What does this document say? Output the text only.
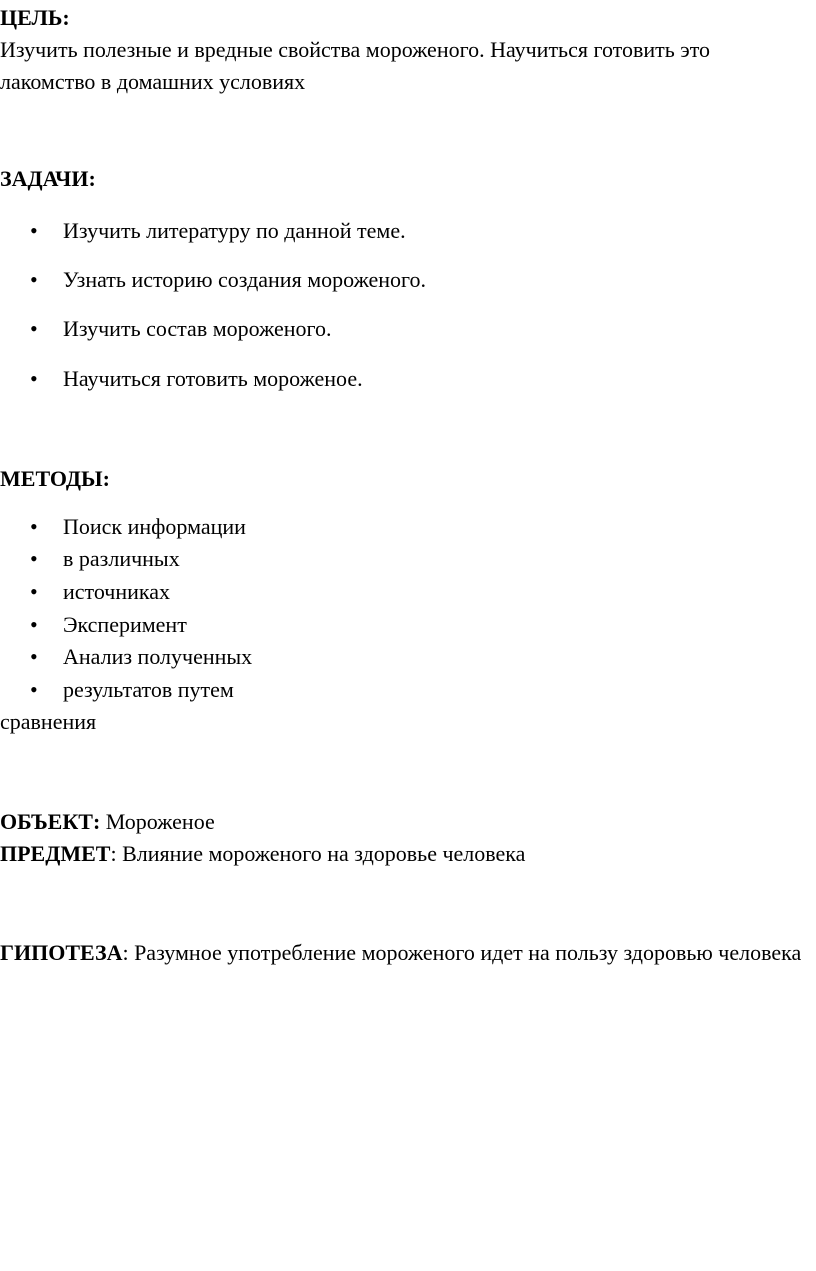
ЦЕЛЬ:
Изучить полезные и вредные свойства мороженого. Научиться готовить это лакомство в домашних условиях
ЗАДАЧИ:
• Изучить литературу по данной теме.
• Узнать историю создания мороженого.
• Изучить состав мороженого.
• Научиться готовить мороженое.
МЕТОДЫ:
• Поиск информации
• в различных
• источниках
• Эксперимент
• Анализ полученных
• результатов путем
сравнения
ОБЪЕКТ: Мороженое
ПРЕДМЕТ: Влияние мороженого на здоровье человека
ГИПОТЕЗА: Разумное употребление мороженого идет на пользу здоровью человека
